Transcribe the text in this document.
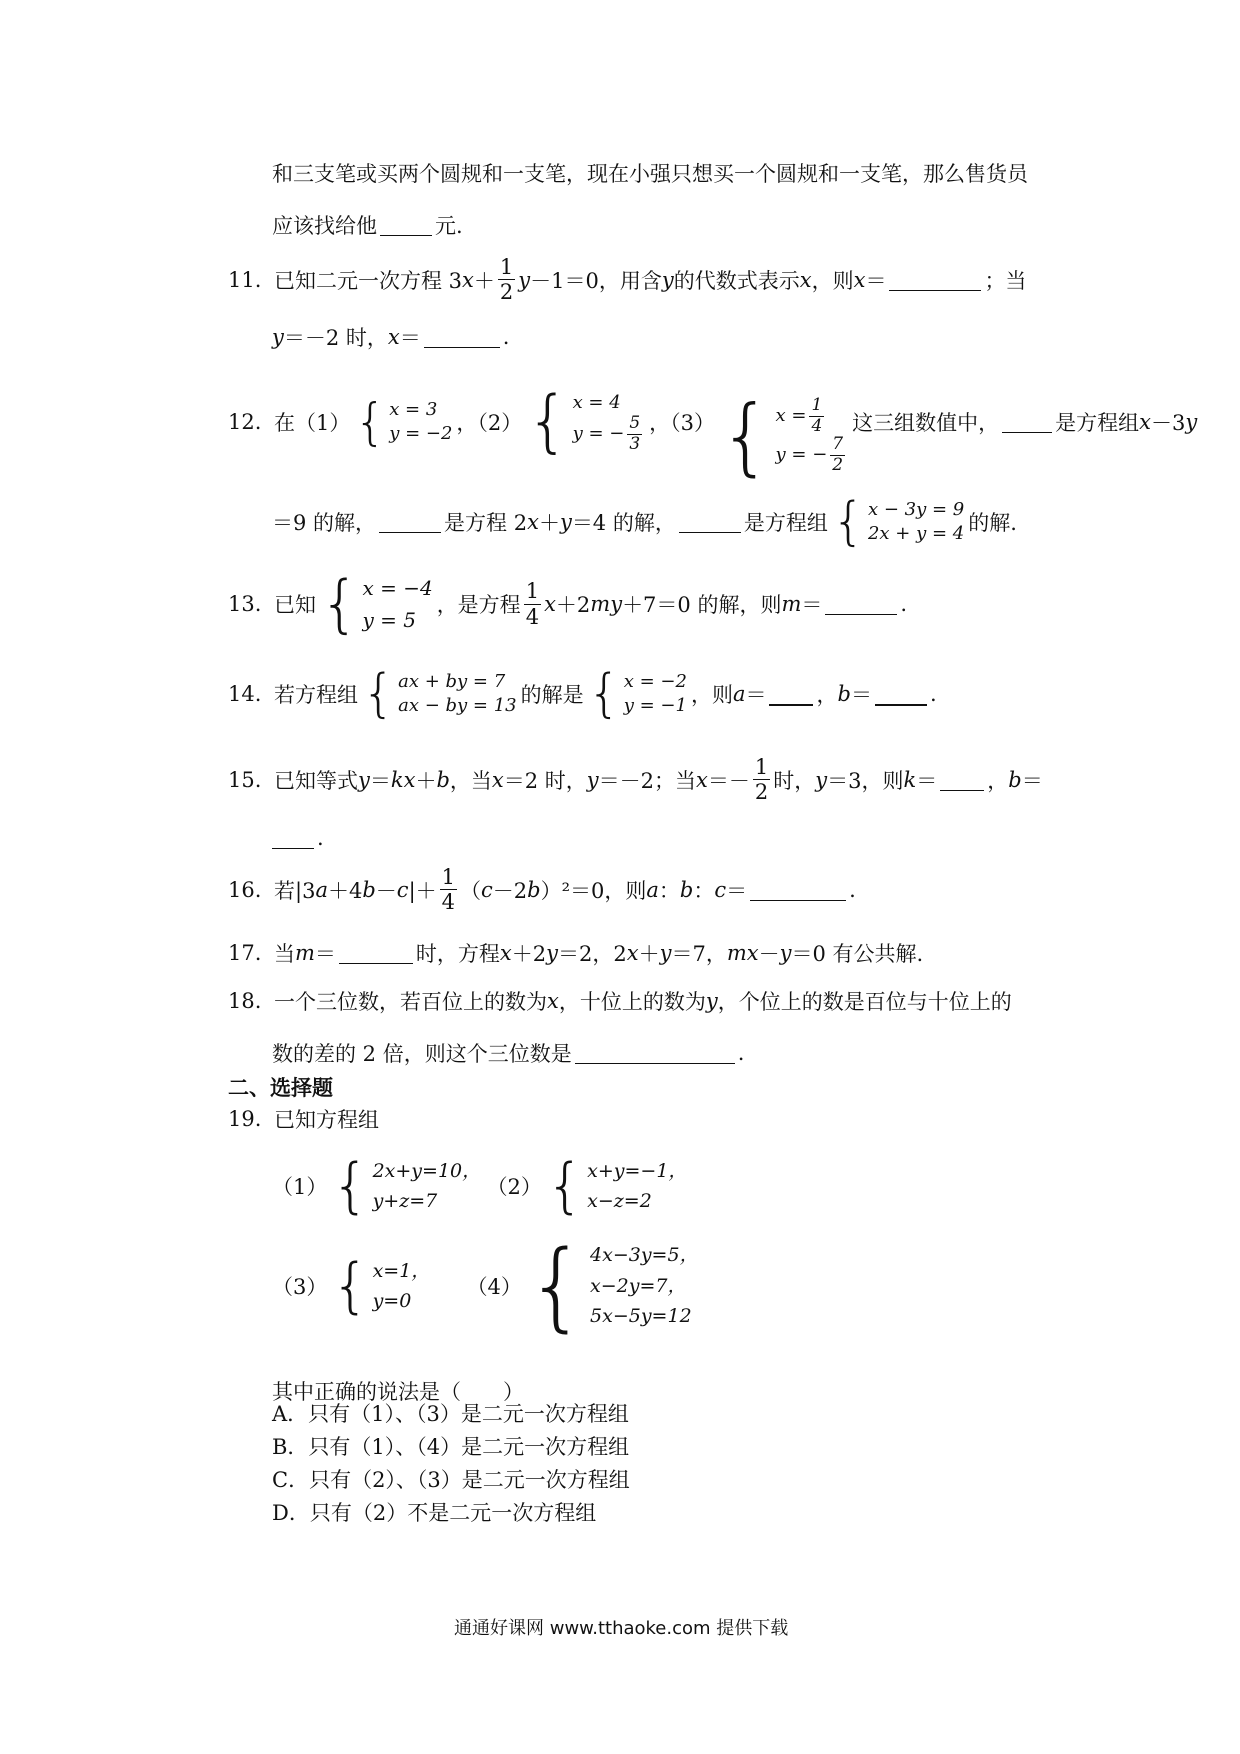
和三支笔或买两个圆规和一支笔，现在小强只想买一个圆规和一支笔，那么售货员
应该找给他	元.
11. 已知二元一次方程 3 $x + \frac{1}{2}$ y －1＝0，用含 y 的代数式表示 x ，则 x ＝	；当
y ＝－2 时， x ＝	.
12. 在（1） { x = 3
y = −2 ，（2） { x = 4
y = − $\frac{5}{3}$ ，（3） { $x = \frac{1}{4}$
y = − $\frac{7}{2}$
这三组数值中，	是方程组 x －3 y
＝9 的解，	是方程 2 x ＋ y ＝4 的解，	是方程组 { x − 3y = 9
2x + y = 4 的解.
13. 已知 { x = −4
y = 5
，是方程 $\frac{1}{4}$ x ＋2 my ＋7＝0 的解，则 m ＝	.
14. 若方程组 { ax + by = 7
ax − by = 13 的解是 { x = −2
y = −1 ，则 a ＝ ， b ＝	.
15. 已知等式 y ＝ kx ＋ b ，当 x ＝2 时， y ＝－2；当 $x =- \frac{1}{2}$ 时， y ＝3，则 k ＝ ， b ＝
.
16. 若|3 a ＋4 b － c |＋ $\frac{1}{4}$ （ c －2 b ）²＝0，则 a ： b ： c ＝	.
17. 当 m ＝	时，方程 x ＋2 y ＝2，2 x ＋ y ＝7， mx － y ＝0 有公共解.
18. 一个三位数，若百位上的数为 x ，十位上的数为 y ，个位上的数是百位与十位上的
数的差的 2 倍，则这个三位数是	.
二、选择题
19. 已知方程组
（1） { 2x+y=10，
y+z=7
（2） { x+y=−1，
x−z=2
（3） { x=1，
y=0
（4） { 4x−3y=5，
x−2y=7，
5x−5y=12
其中正确的说法是（　　）
A．只有（1）、（3）是二元一次方程组
B．只有（1）、（4）是二元一次方程组
C．只有（2）、（3）是二元一次方程组
D．只有（2）不是二元一次方程组
通通好课网 www.tthaoke.com 提供下载
